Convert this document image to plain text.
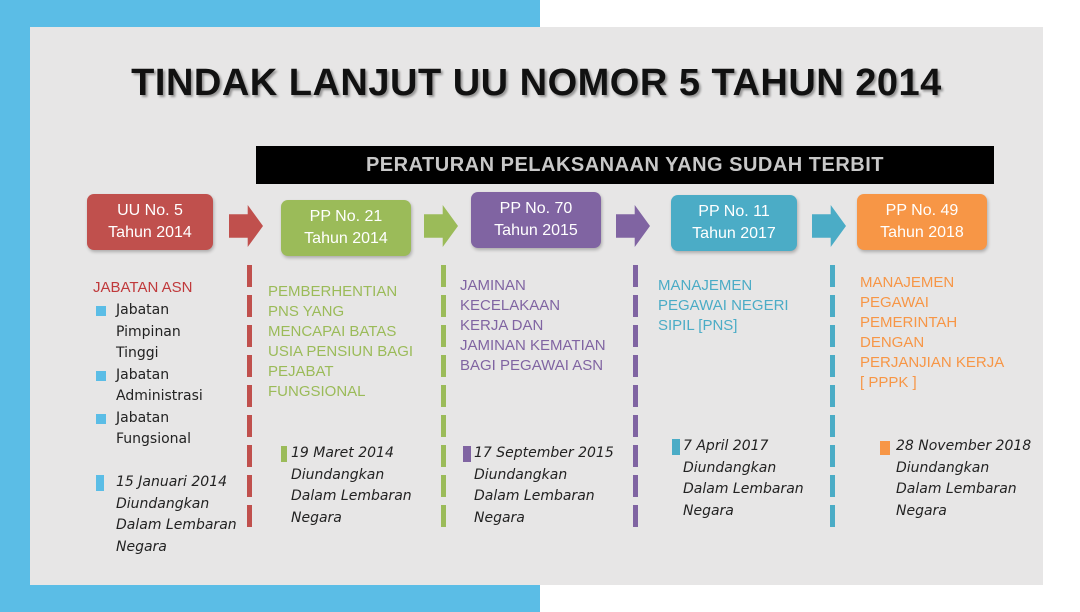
TINDAK LANJUT UU NOMOR 5 TAHUN 2014
PERATURAN PELAKSANAAN YANG SUDAH TERBIT
UU No. 5
Tahun 2014
PP No. 21
Tahun 2014
PP No. 70
Tahun 2015
PP No. 11
Tahun 2017
PP No. 49
Tahun 2018
JABATAN ASN
Jabatan
Pimpinan
Tinggi
Jabatan
Administrasi
Jabatan
Fungsional
PEMBERHENTIAN
PNS YANG
MENCAPAI BATAS
USIA PENSIUN BAGI
PEJABAT
FUNGSIONAL
JAMINAN
KECELAKAAN
KERJA DAN
JAMINAN KEMATIAN
BAGI PEGAWAI ASN
MANAJEMEN
PEGAWAI NEGERI
SIPIL [PNS]
MANAJEMEN
PEGAWAI
PEMERINTAH
DENGAN
PERJANJIAN KERJA
[ PPPK ]
15 Januari 2014
Diundangkan
Dalam Lembaran
Negara
19 Maret 2014
Diundangkan
Dalam Lembaran
Negara
17 September 2015
Diundangkan
Dalam Lembaran
Negara
7 April 2017
Diundangkan
Dalam Lembaran
Negara
28 November 2018
Diundangkan
Dalam Lembaran
Negara
